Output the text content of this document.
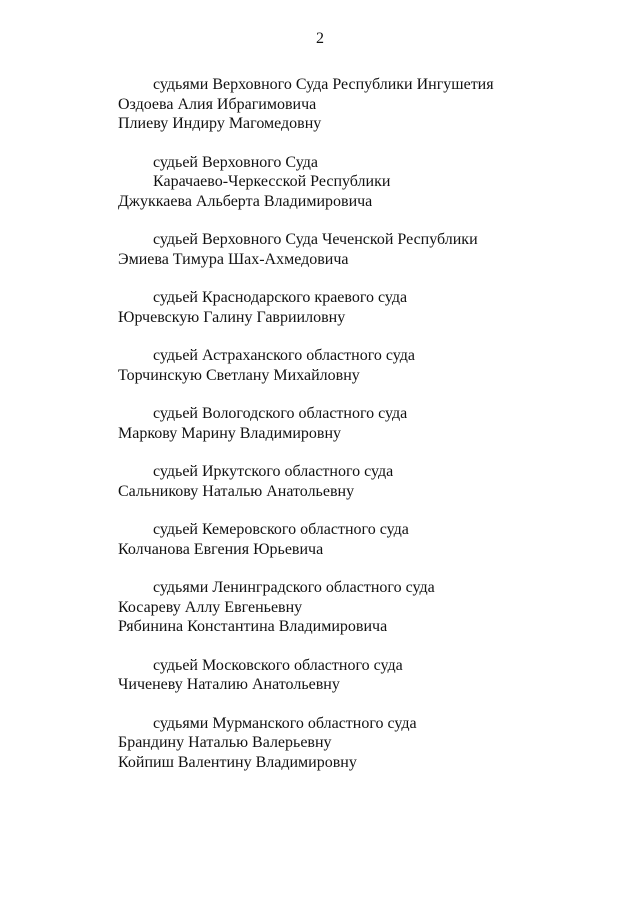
2
судьями Верховного Суда Республики Ингушетия
Оздоева Алия Ибрагимовича
Плиеву Индиру Магомедовну
судьей Верховного Суда
Карачаево-Черкесской Республики
Джуккаева Альберта Владимировича
судьей Верховного Суда Чеченской Республики
Эмиева Тимура Шах-Ахмедовича
судьей Краснодарского краевого суда
Юрчевскую Галину Гаврииловну
судьей Астраханского областного суда
Торчинскую Светлану Михайловну
судьей Вологодского областного суда
Маркову Марину Владимировну
судьей Иркутского областного суда
Сальникову Наталью Анатольевну
судьей Кемеровского областного суда
Колчанова Евгения Юрьевича
судьями Ленинградского областного суда
Косареву Аллу Евгеньевну
Рябинина Константина Владимировича
судьей Московского областного суда
Чиченеву Наталию Анатольевну
судьями Мурманского областного суда
Брандину Наталью Валерьевну
Койпиш Валентину Владимировну
